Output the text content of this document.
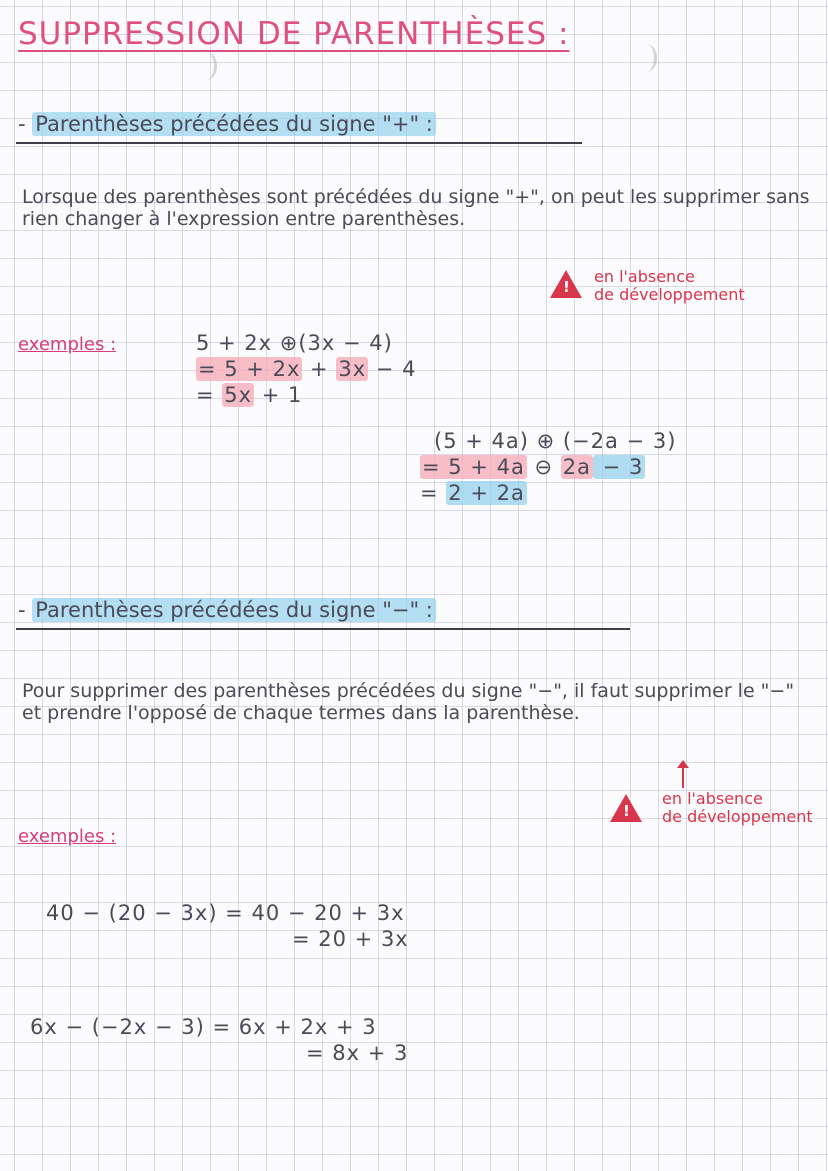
SUPPRESSION DE PARENTHÈSES :
- Parenthèses précédées du signe "+" :
Lorsque des parenthèses sont précédées du signe "+", on peut les supprimer sans rien changer à l'expression entre parenthèses.
!
en l'absence
de développement
exemples :	5 + 2x ⊕(3x − 4)
= 5 + 2x + 3x − 4
= 5x + 1
(5 + 4a) ⊕ (−2a − 3)
= 5 + 4a ⊖ 2a − 3
= 2 + 2a
- Parenthèses précédées du signe "−" :
Pour supprimer des parenthèses précédées du signe "−", il faut supprimer le "−" et prendre l'opposé de chaque termes dans la parenthèse.
!
en l'absence
de développement
exemples :
40 − (20 − 3x) = 40 − 20 + 3x
= 20 + 3x
6x − (−2x − 3) = 6x + 2x + 3
= 8x + 3
